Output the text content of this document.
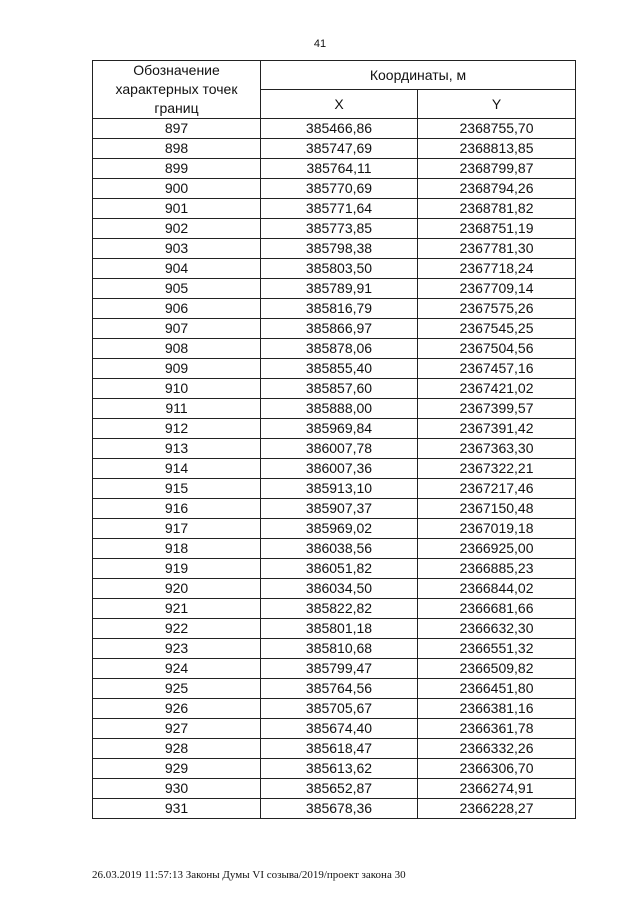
41
Обозначение характерных точек границ	Координаты, м	
	X	Y
897	385466,86	2368755,70
898	385747,69	2368813,85
899	385764,11	2368799,87
900	385770,69	2368794,26
901	385771,64	2368781,82
902	385773,85	2368751,19
903	385798,38	2367781,30
904	385803,50	2367718,24
905	385789,91	2367709,14
906	385816,79	2367575,26
907	385866,97	2367545,25
908	385878,06	2367504,56
909	385855,40	2367457,16
910	385857,60	2367421,02
911	385888,00	2367399,57
912	385969,84	2367391,42
913	386007,78	2367363,30
914	386007,36	2367322,21
915	385913,10	2367217,46
916	385907,37	2367150,48
917	385969,02	2367019,18
918	386038,56	2366925,00
919	386051,82	2366885,23
920	386034,50	2366844,02
921	385822,82	2366681,66
922	385801,18	2366632,30
923	385810,68	2366551,32
924	385799,47	2366509,82
925	385764,56	2366451,80
926	385705,67	2366381,16
927	385674,40	2366361,78
928	385618,47	2366332,26
929	385613,62	2366306,70
930	385652,87	2366274,91
931	385678,36	2366228,27
26.03.2019 11:57:13 Законы Думы VI созыва/2019/проект закона 30
